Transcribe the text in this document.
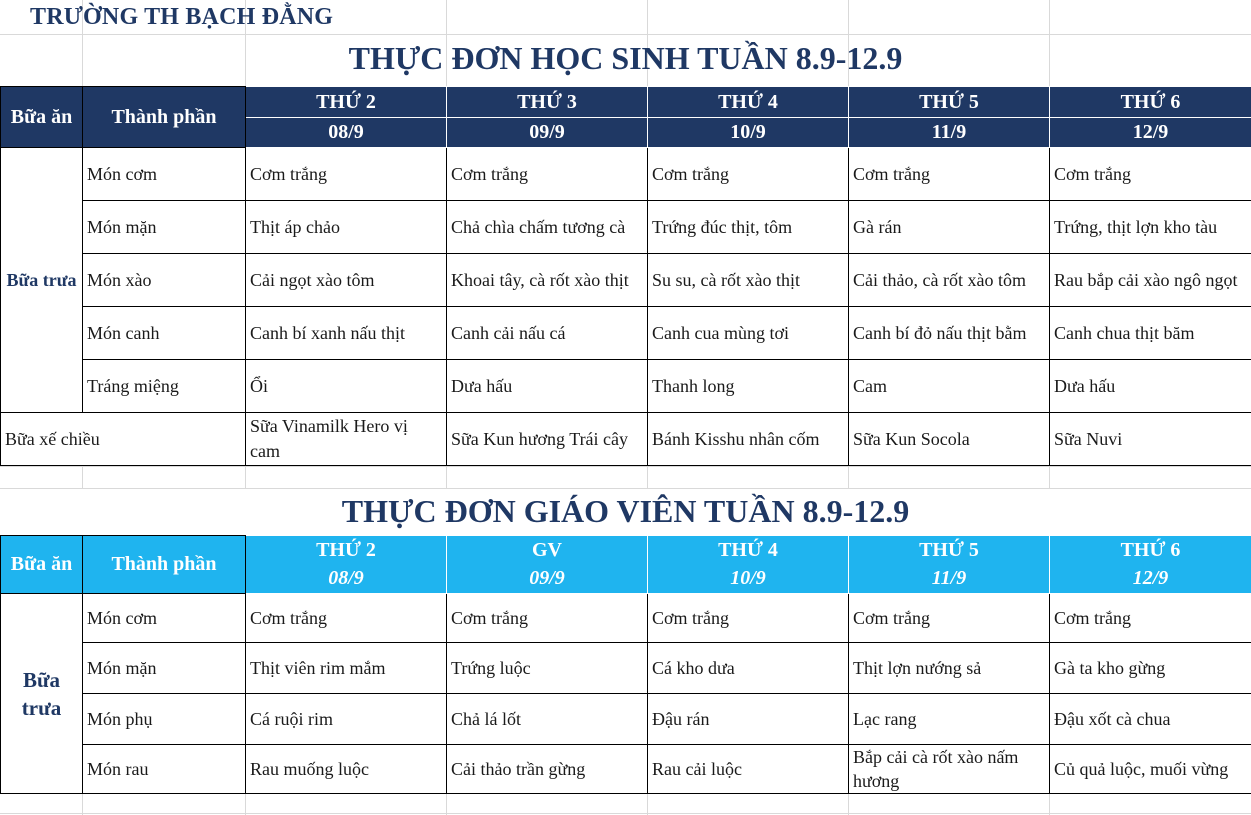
TRƯỜNG TH BẠCH ĐẰNG
THỰC ĐƠN HỌC SINH TUẦN 8.9-12.9
Bữa ăn	Thành phần	THỨ 2	THỨ 3	THỨ 4	THỨ 5	THỨ 6
		08/9	09/9	10/9	11/9	12/9
Bữa trưa	Món cơm	Cơm trắng	Cơm trắng	Cơm trắng	Cơm trắng	Cơm trắng
	Món mặn	Thịt áp chảo	Chả chìa chấm tương cà	Trứng đúc thịt, tôm	Gà rán	Trứng, thịt lợn kho tàu
	Món xào	Cải ngọt xào tôm	Khoai tây, cà rốt xào thịt	Su su, cà rốt xào thịt	Cải thảo, cà rốt xào tôm	Rau bắp cải xào ngô ngọt
	Món canh	Canh bí xanh nấu thịt	Canh cải nấu cá	Canh cua mùng tơi	Canh bí đỏ nấu thịt bằm	Canh chua thịt băm
	Tráng miệng	Ổi	Dưa hấu	Thanh long	Cam	Dưa hấu
Bữa xế chiều		Sữa Vinamilk Hero vị cam	Sữa Kun hương Trái cây	Bánh Kisshu nhân cốm	Sữa Kun Socola	Sữa Nuvi
THỰC ĐƠN GIÁO VIÊN TUẦN 8.9-12.9
Bữa ăn	Thành phần	THỨ 2	GV	THỨ 4	THỨ 5	THỨ 6
		08/9	09/9	10/9	11/9	12/9
Bữa trưa	Món cơm	Cơm trắng	Cơm trắng	Cơm trắng	Cơm trắng	Cơm trắng
	Món mặn	Thịt viên rim mắm	Trứng luộc	Cá kho dưa	Thịt lợn nướng sả	Gà ta kho gừng
	Món phụ	Cá ruội rim	Chả lá lốt	Đậu rán	Lạc rang	Đậu xốt cà chua
	Món rau	Rau muống luộc	Cải thảo trần gừng	Rau cải luộc	Bắp cải cà rốt xào nấm hương	Củ quả luộc, muối vừng
